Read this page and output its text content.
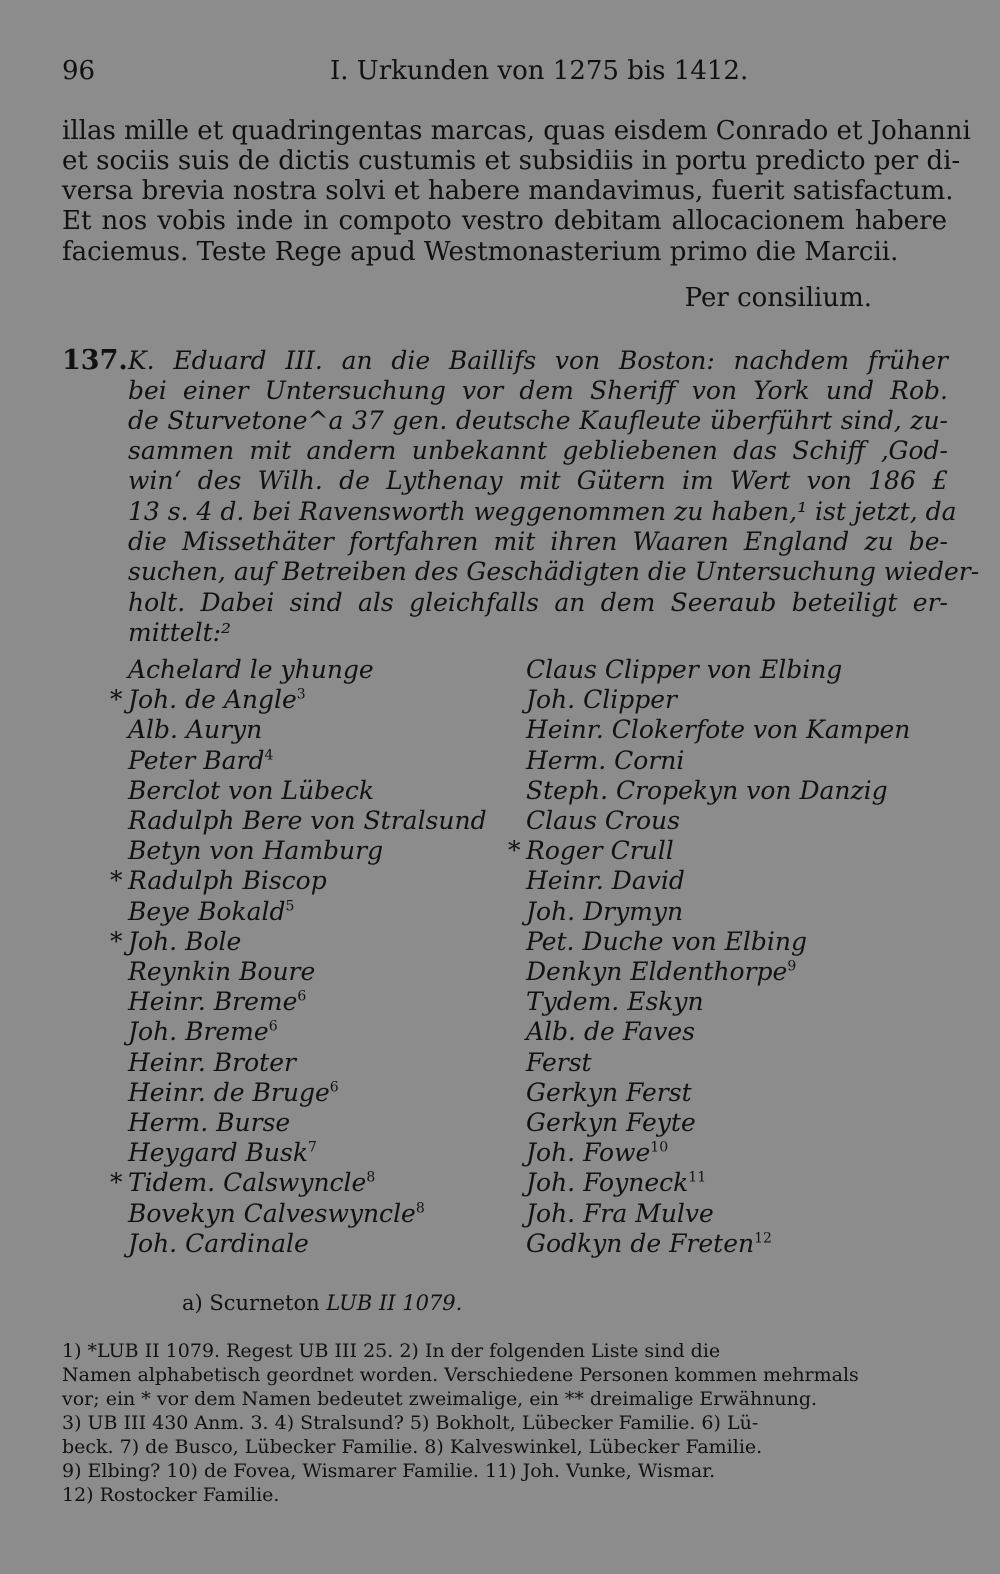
96	I. Urkunden von 1275 bis 1412.
illas mille et quadringentas marcas, quas eisdem Conrado et Johanni
et sociis suis de dictis custumis et subsidiis in portu predicto per di-
versa brevia nostra solvi et habere mandavimus, fuerit satisfactum.
Et nos vobis inde in compoto vestro debitam allocacionem habere
faciemus. Teste Rege apud Westmonasterium primo die Marcii.
Per consilium.
137. K. Eduard III. an die Baillifs von Boston: nachdem früher
bei einer Untersuchung vor dem Sheriff von York und Rob.
de Sturvetone^a 37 gen. deutsche Kaufleute überführt sind, zu-
sammen mit andern unbekannt gebliebenen das Schiff ‚God-
win‘ des Wilh. de Lythenay mit Gütern im Wert von 186 £
13 s. 4 d. bei Ravensworth weggenommen zu haben,¹ ist jetzt, da
die Missethäter fortfahren mit ihren Waaren England zu be-
suchen, auf Betreiben des Geschädigten die Untersuchung wieder-
holt. Dabei sind als gleichfalls an dem Seeraub beteiligt er-
mittelt:²
Achelard le yhunge
* Joh. de Angle$^3$
Alb. Auryn
Peter Bard$^4$
Berclot von Lübeck
Radulph Bere von Stralsund
Betyn von Hamburg
* Radulph Biscop
Beye Bokald$^5$
* Joh. Bole
Reynkin Boure
Heinr. Breme$^6$
Joh. Breme$^6$
Heinr. Broter
Heinr. de Bruge$^6$
Herm. Burse
Heygard Busk$^7$
* Tidem. Calswyncle$^8$
Bovekyn Calveswyncle$^8$
Joh. Cardinale
Claus Clipper von Elbing
Joh. Clipper
Heinr. Clokerfote von Kampen
Herm. Corni
Steph. Cropekyn von Danzig
Claus Crous
* Roger Crull
Heinr. David
Joh. Drymyn
Pet. Duche von Elbing
Denkyn Eldenthorpe$^9$
Tydem. Eskyn
Alb. de Faves
Ferst
Gerkyn Ferst
Gerkyn Feyte
Joh. Fowe$^{10}$
Joh. Foyneck$^{11}$
Joh. Fra Mulve
Godkyn de Freten$^{12}$
a) Scurneton LUB II 1079.
1) *LUB II 1079. Regest UB III 25. 2) In der folgenden Liste sind die
Namen alphabetisch geordnet worden. Verschiedene Personen kommen mehrmals
vor; ein * vor dem Namen bedeutet zweimalige, ein ** dreimalige Erwähnung.
3) UB III 430 Anm. 3. 4) Stralsund? 5) Bokholt, Lübecker Familie. 6) Lü-
beck. 7) de Busco, Lübecker Familie. 8) Kalveswinkel, Lübecker Familie.
9) Elbing? 10) de Fovea, Wismarer Familie. 11) Joh. Vunke, Wismar.
12) Rostocker Familie.
